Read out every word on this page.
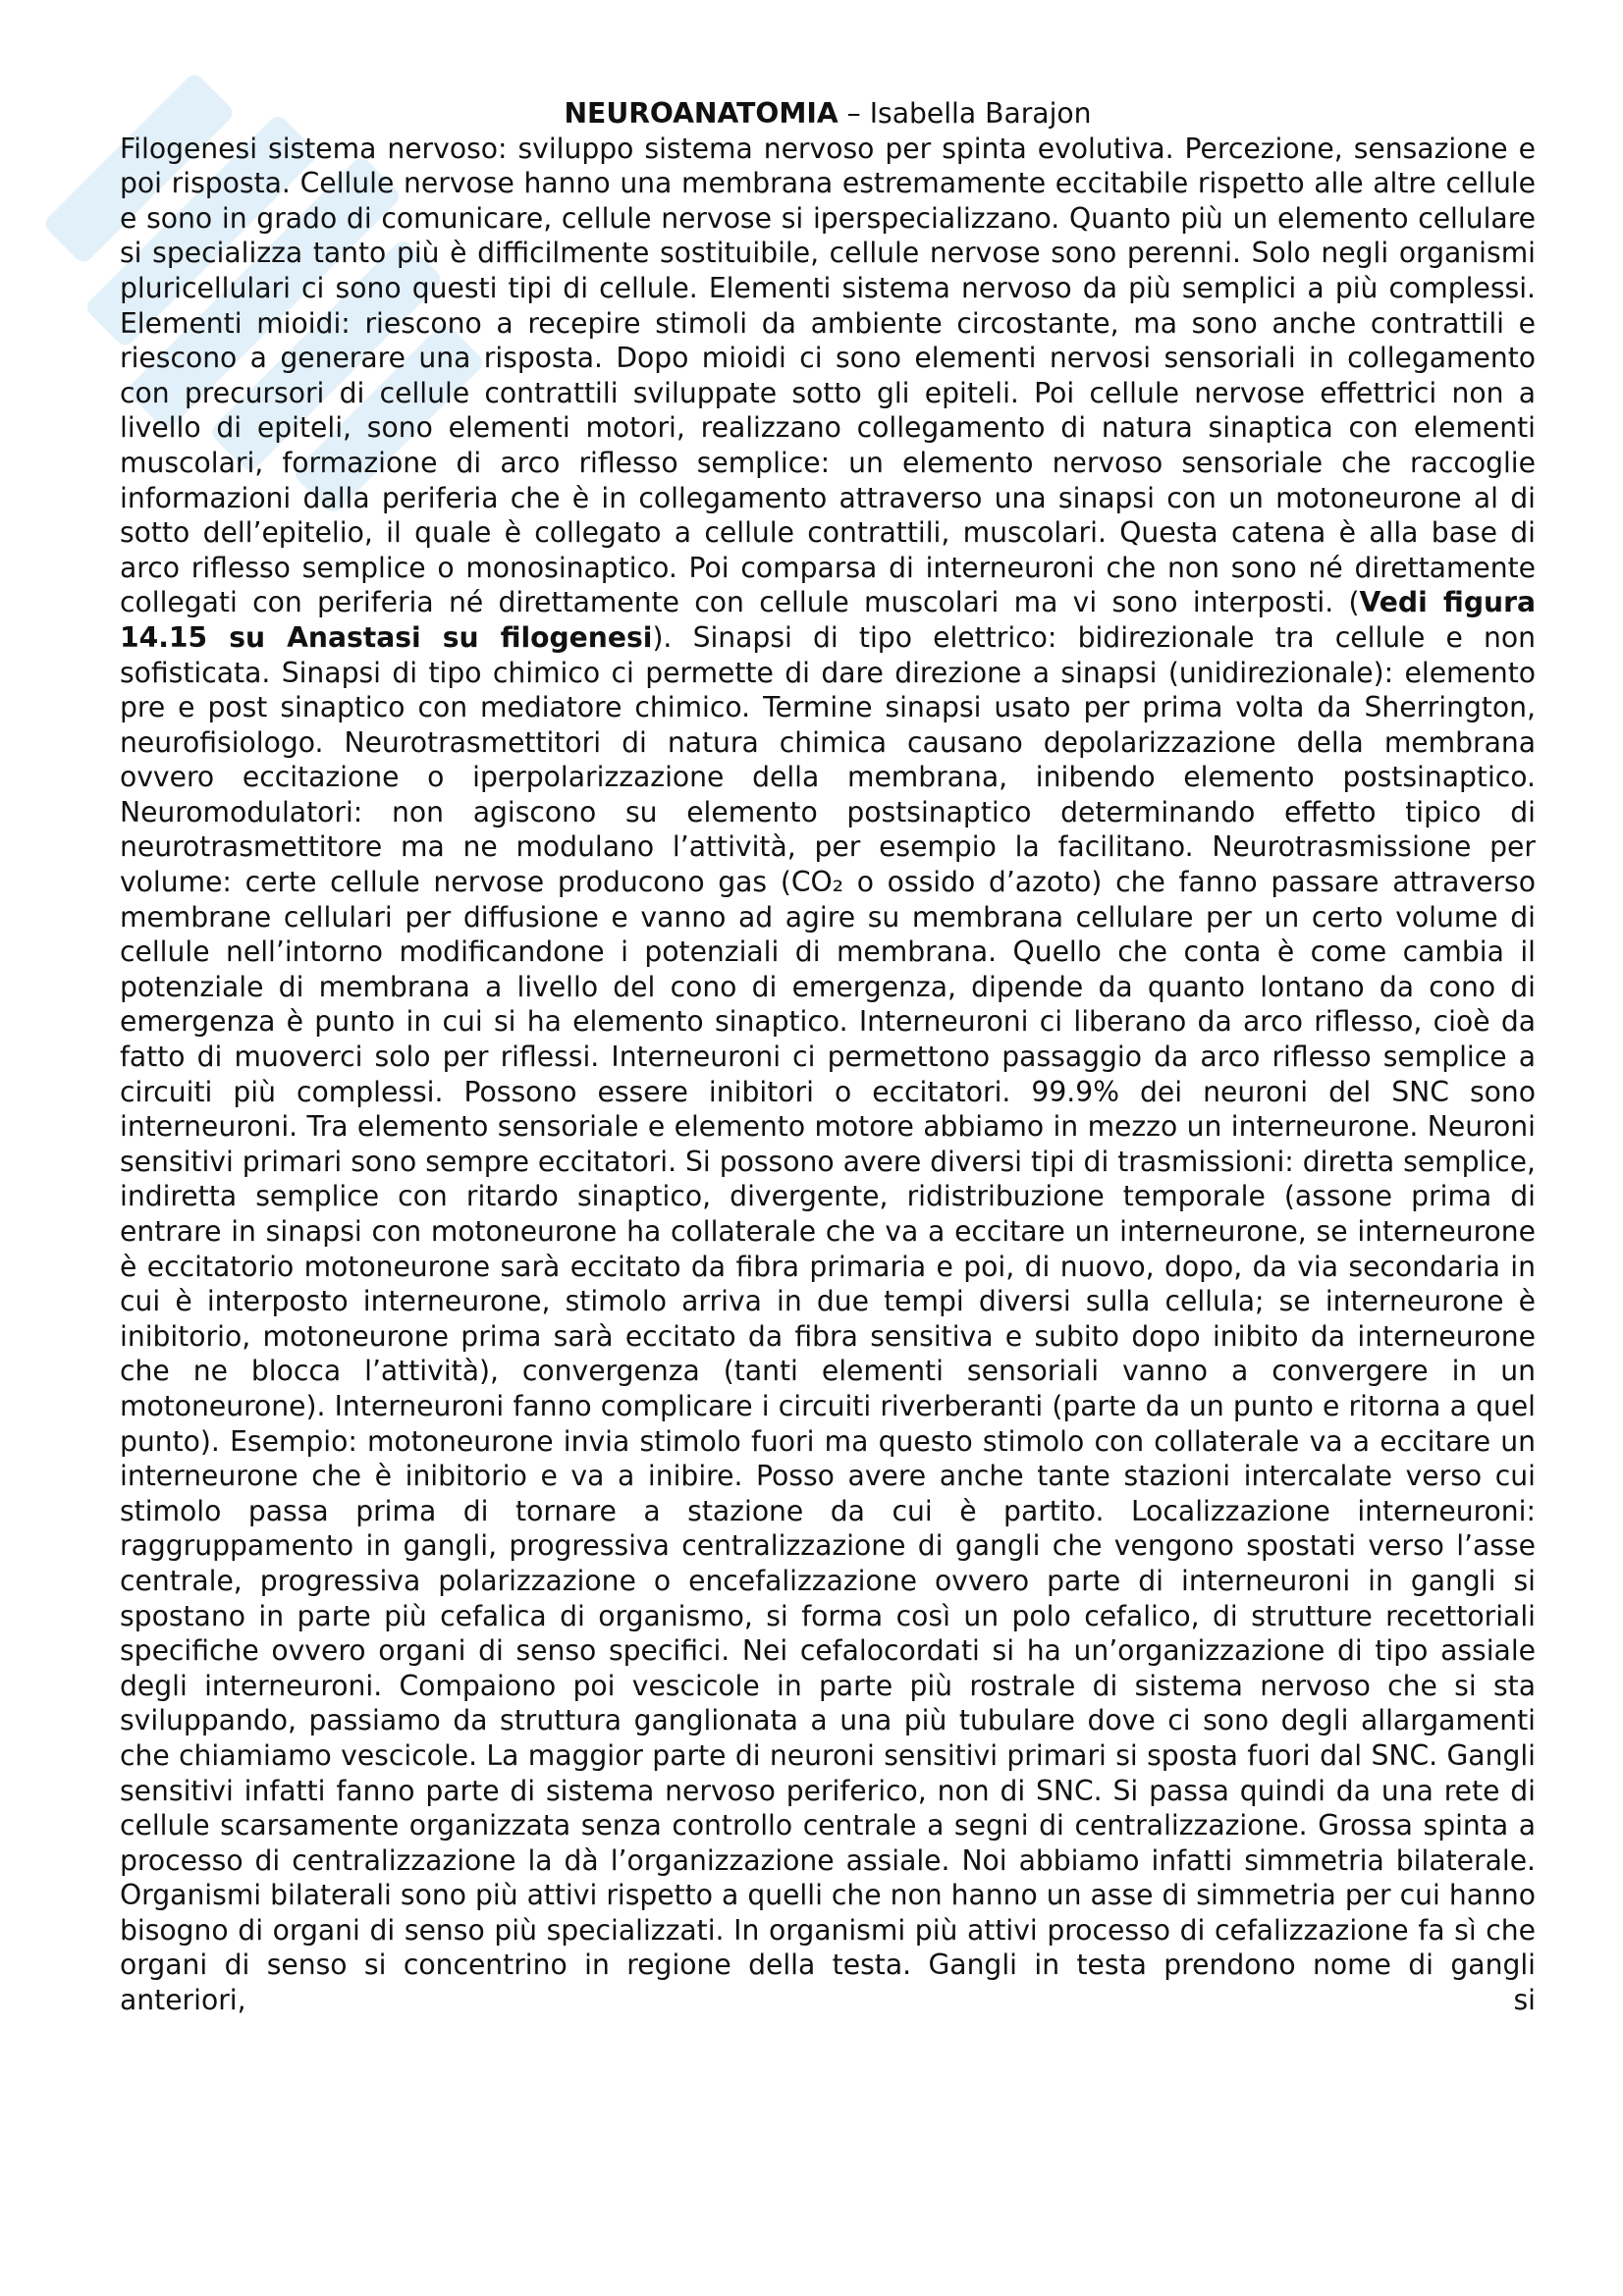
NEUROANATOMIA – Isabella Barajon

Filogenesi sistema nervoso: sviluppo sistema nervoso per spinta evolutiva. Percezione, sensazione e poi risposta. Cellule nervose hanno una membrana estremamente eccitabile rispetto alle altre cellule e sono in grado di comunicare, cellule nervose si iperspecializzano. Quanto più un elemento cellulare si specializza tanto più è difficilmente sostituibile, cellule nervose sono perenni. Solo negli organismi pluricellulari ci sono questi tipi di cellule. Elementi sistema nervoso da più semplici a più complessi. Elementi mioidi: riescono a recepire stimoli da ambiente circostante, ma sono anche contrattili e riescono a generare una risposta. Dopo mioidi ci sono elementi nervosi sensoriali in collegamento con precursori di cellule contrattili sviluppate sotto gli epiteli. Poi cellule nervose effettrici non a livello di epiteli, sono elementi motori, realizzano collegamento di natura sinaptica con elementi muscolari, formazione di arco riflesso semplice: un elemento nervoso sensoriale che raccoglie informazioni dalla periferia che è in collegamento attraverso una sinapsi con un motoneurone al di sotto dell’epitelio, il quale è collegato a cellule contrattili, muscolari. Questa catena è alla base di arco riflesso semplice o monosinaptico. Poi comparsa di interneuroni che non sono né direttamente collegati con periferia né direttamente con cellule muscolari ma vi sono interposti. (Vedi figura 14.15 su Anastasi su filogenesi). Sinapsi di tipo elettrico: bidirezionale tra cellule e non sofisticata. Sinapsi di tipo chimico ci permette di dare direzione a sinapsi (unidirezionale): elemento pre e post sinaptico con mediatore chimico. Termine sinapsi usato per prima volta da Sherrington, neurofisiologo. Neurotrasmettitori di natura chimica causano depolarizzazione della membrana ovvero eccitazione o iperpolarizzazione della membrana, inibendo elemento postsinaptico. Neuromodulatori: non agiscono su elemento postsinaptico determinando effetto tipico di neurotrasmettitore ma ne modulano l’attività, per esempio la facilitano. Neurotrasmissione per volume: certe cellule nervose producono gas (CO₂ o ossido d’azoto) che fanno passare attraverso membrane cellulari per diffusione e vanno ad agire su membrana cellulare per un certo volume di cellule nell’intorno modificandone i potenziali di membrana. Quello che conta è come cambia il potenziale di membrana a livello del cono di emergenza, dipende da quanto lontano da cono di emergenza è punto in cui si ha elemento sinaptico. Interneuroni ci liberano da arco riflesso, cioè da fatto di muoverci solo per riflessi. Interneuroni ci permettono passaggio da arco riflesso semplice a circuiti più complessi. Possono essere inibitori o eccitatori. 99.9% dei neuroni del SNC sono interneuroni. Tra elemento sensoriale e elemento motore abbiamo in mezzo un interneurone. Neuroni sensitivi primari sono sempre eccitatori. Si possono avere diversi tipi di trasmissioni: diretta semplice, indiretta semplice con ritardo sinaptico, divergente, ridistribuzione temporale (assone prima di entrare in sinapsi con motoneurone ha collaterale che va a eccitare un interneurone, se interneurone è eccitatorio motoneurone sarà eccitato da fibra primaria e poi, di nuovo, dopo, da via secondaria in cui è interposto interneurone, stimolo arriva in due tempi diversi sulla cellula; se interneurone è inibitorio, motoneurone prima sarà eccitato da fibra sensitiva e subito dopo inibito da interneurone che ne blocca l’attività), convergenza (tanti elementi sensoriali vanno a convergere in un motoneurone). Interneuroni fanno complicare i circuiti riverberanti (parte da un punto e ritorna a quel punto). Esempio: motoneurone invia stimolo fuori ma questo stimolo con collaterale va a eccitare un interneurone che è inibitorio e va a inibire. Posso avere anche tante stazioni intercalate verso cui stimolo passa prima di tornare a stazione da cui è partito. Localizzazione interneuroni: raggruppamento in gangli, progressiva centralizzazione di gangli che vengono spostati verso l’asse centrale, progressiva polarizzazione o encefalizzazione ovvero parte di interneuroni in gangli si spostano in parte più cefalica di organismo, si forma così un polo cefalico, di strutture recettoriali specifiche ovvero organi di senso specifici. Nei cefalocordati si ha un’organizzazione di tipo assiale degli interneuroni. Compaiono poi vescicole in parte più rostrale di sistema nervoso che si sta sviluppando, passiamo da struttura ganglionata a una più tubulare dove ci sono degli allargamenti che chiamiamo vescicole. La maggior parte di neuroni sensitivi primari si sposta fuori dal SNC. Gangli sensitivi infatti fanno parte di sistema nervoso periferico, non di SNC. Si passa quindi da una rete di cellule scarsamente organizzata senza controllo centrale a segni di centralizzazione. Grossa spinta a processo di centralizzazione la dà l’organizzazione assiale. Noi abbiamo infatti simmetria bilaterale. Organismi bilaterali sono più attivi rispetto a quelli che non hanno un asse di simmetria per cui hanno bisogno di organi di senso più specializzati. In organismi più attivi processo di cefalizzazione fa sì che organi di senso si concentrino in regione della testa. Gangli in testa prendono nome di gangli anteriori, si
